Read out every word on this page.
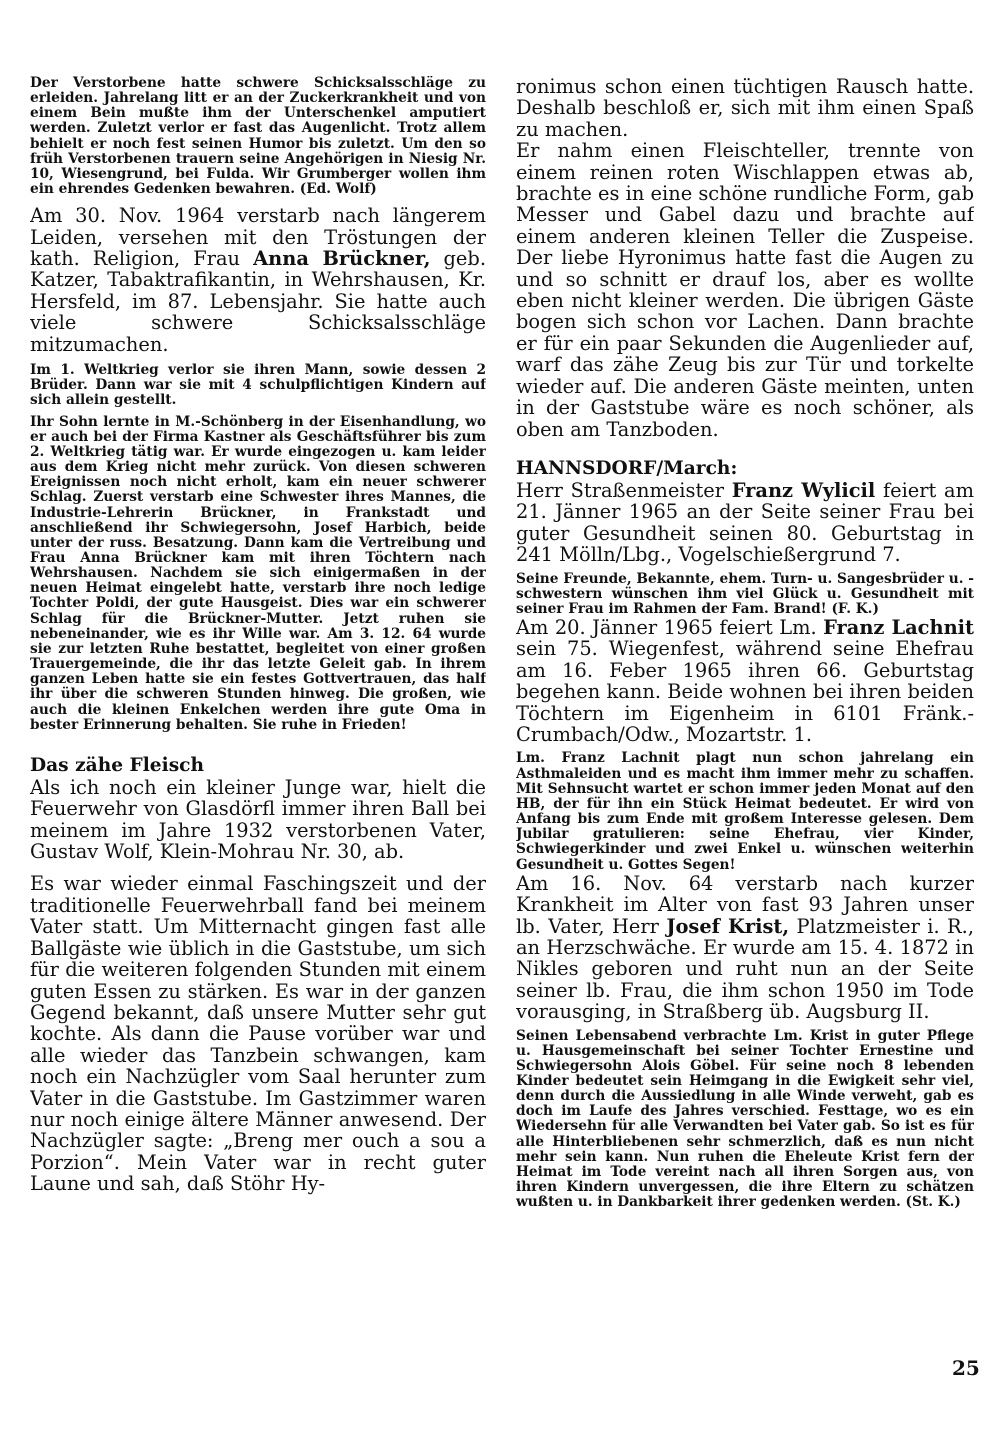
Der Verstorbene hatte schwere Schicksalsschläge zu erleiden. Jahrelang litt er an der Zuckerkrankheit und von einem Bein mußte ihm der Unterschenkel amputiert werden. Zuletzt verlor er fast das Augenlicht. Trotz allem behielt er noch fest seinen Humor bis zuletzt. Um den so früh Verstorbenen trauern seine Angehörigen in Niesig Nr. 10, Wiesengrund, bei Fulda. Wir Grumberger wollen ihm ein ehrendes Gedenken bewahren. (Ed. Wolf)

Am 30. Nov. 1964 verstarb nach längerem Leiden, versehen mit den Tröstungen der kath. Religion, Frau Anna Brückner, geb. Katzer, Tabaktrafikantin, in Wehrshausen, Kr. Hersfeld, im 87. Lebensjahr. Sie hatte auch viele schwere Schicksalsschläge mitzumachen.

Im 1. Weltkrieg verlor sie ihren Mann, sowie dessen 2 Brüder. Dann war sie mit 4 schulpflichtigen Kindern auf sich allein gestellt.

Ihr Sohn lernte in M.-Schönberg in der Eisenhandlung, wo er auch bei der Firma Kastner als Geschäftsführer bis zum 2. Weltkrieg tätig war. Er wurde eingezogen u. kam leider aus dem Krieg nicht mehr zurück. Von diesen schweren Ereignissen noch nicht erholt, kam ein neuer schwerer Schlag. Zuerst verstarb eine Schwester ihres Mannes, die Industrie-Lehrerin Brückner, in Frankstadt und anschließend ihr Schwiegersohn, Josef Harbich, beide unter der russ. Besatzung. Dann kam die Vertreibung und Frau Anna Brückner kam mit ihren Töchtern nach Wehrshausen. Nachdem sie sich einigermaßen in der neuen Heimat eingelebt hatte, verstarb ihre noch ledige Tochter Poldi, der gute Hausgeist. Dies war ein schwerer Schlag für die Brückner-Mutter. Jetzt ruhen sie nebeneinander, wie es ihr Wille war. Am 3. 12. 64 wurde sie zur letzten Ruhe bestattet, begleitet von einer großen Trauergemeinde, die ihr das letzte Geleit gab. In ihrem ganzen Leben hatte sie ein festes Gottvertrauen, das half ihr über die schweren Stunden hinweg. Die großen, wie auch die kleinen Enkelchen werden ihre gute Oma in bester Erinnerung behalten. Sie ruhe in Frieden!

Das zähe Fleisch

Als ich noch ein kleiner Junge war, hielt die Feuerwehr von Glasdörfl immer ihren Ball bei meinem im Jahre 1932 verstorbenen Vater, Gustav Wolf, Klein-Mohrau Nr. 30, ab.

Es war wieder einmal Faschingszeit und der traditionelle Feuerwehrball fand bei meinem Vater statt. Um Mitternacht gingen fast alle Ballgäste wie üblich in die Gaststube, um sich für die weiteren folgenden Stunden mit einem guten Essen zu stärken. Es war in der ganzen Gegend bekannt, daß unsere Mutter sehr gut kochte. Als dann die Pause vorüber war und alle wieder das Tanzbein schwangen, kam noch ein Nachzügler vom Saal herunter zum Vater in die Gaststube. Im Gastzimmer waren nur noch einige ältere Männer anwesend. Der Nachzügler sagte: „Breng mer ouch a sou a Porzion“. Mein Vater war in recht guter Laune und sah, daß Stöhr Hy-

ronimus schon einen tüchtigen Rausch hatte. Deshalb beschloß er, sich mit ihm einen Spaß zu machen.

Er nahm einen Fleischteller, trennte von einem reinen roten Wischlappen etwas ab, brachte es in eine schöne rundliche Form, gab Messer und Gabel dazu und brachte auf einem anderen kleinen Teller die Zuspeise. Der liebe Hyronimus hatte fast die Augen zu und so schnitt er drauf los, aber es wollte eben nicht kleiner werden. Die übrigen Gäste bogen sich schon vor Lachen. Dann brachte er für ein paar Sekunden die Augenlieder auf, warf das zähe Zeug bis zur Tür und torkelte wieder auf. Die anderen Gäste meinten, unten in der Gaststube wäre es noch schöner, als oben am Tanzboden.

HANNSDORF/March:

Herr Straßenmeister Franz Wylicil feiert am 21. Jänner 1965 an der Seite seiner Frau bei guter Gesundheit seinen 80. Geburtstag in 241 Mölln/Lbg., Vogelschießergrund 7.

Seine Freunde, Bekannte, ehem. Turn- u. Sangesbrüder u. -schwestern wünschen ihm viel Glück u. Gesundheit mit seiner Frau im Rahmen der Fam. Brand! (F. K.)

Am 20. Jänner 1965 feiert Lm. Franz Lachnit sein 75. Wiegenfest, während seine Ehefrau am 16. Feber 1965 ihren 66. Geburtstag begehen kann. Beide wohnen bei ihren beiden Töchtern im Eigenheim in 6101 Fränk.-Crumbach/Odw., Mozartstr. 1.

Lm. Franz Lachnit plagt nun schon jahrelang ein Asthmaleiden und es macht ihm immer mehr zu schaffen. Mit Sehnsucht wartet er schon immer jeden Monat auf den HB, der für ihn ein Stück Heimat bedeutet. Er wird von Anfang bis zum Ende mit großem Interesse gelesen. Dem Jubilar gratulieren: seine Ehefrau, vier Kinder, Schwiegerkinder und zwei Enkel u. wünschen weiterhin Gesundheit u. Gottes Segen!

Am 16. Nov. 64 verstarb nach kurzer Krankheit im Alter von fast 93 Jahren unser lb. Vater, Herr Josef Krist, Platzmeister i. R., an Herzschwäche. Er wurde am 15. 4. 1872 in Nikles geboren und ruht nun an der Seite seiner lb. Frau, die ihm schon 1950 im Tode vorausging, in Straßberg üb. Augsburg II.

Seinen Lebensabend verbrachte Lm. Krist in guter Pflege u. Hausgemeinschaft bei seiner Tochter Ernestine und Schwiegersohn Alois Göbel. Für seine noch 8 lebenden Kinder bedeutet sein Heimgang in die Ewigkeit sehr viel, denn durch die Aussiedlung in alle Winde verweht, gab es doch im Laufe des Jahres verschied. Festtage, wo es ein Wiedersehn für alle Verwandten bei Vater gab. So ist es für alle Hinterbliebenen sehr schmerzlich, daß es nun nicht mehr sein kann. Nun ruhen die Eheleute Krist fern der Heimat im Tode vereint nach all ihren Sorgen aus, von ihren Kindern unvergessen, die ihre Eltern zu schätzen wußten u. in Dankbarkeit ihrer gedenken werden. (St. K.)

25
